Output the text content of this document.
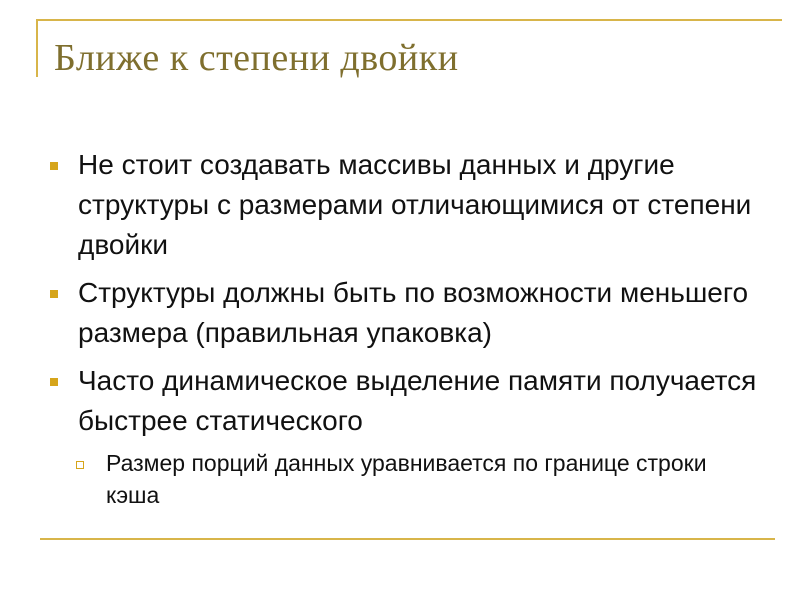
Ближе к степени двойки
Не стоит создавать массивы данных и другие структуры с размерами отличающимися от степени двойки
Структуры должны быть по возможности меньшего размера (правильная упаковка)
Часто динамическое выделение памяти получается быстрее статического
Размер порций данных уравнивается по границе строки кэша
